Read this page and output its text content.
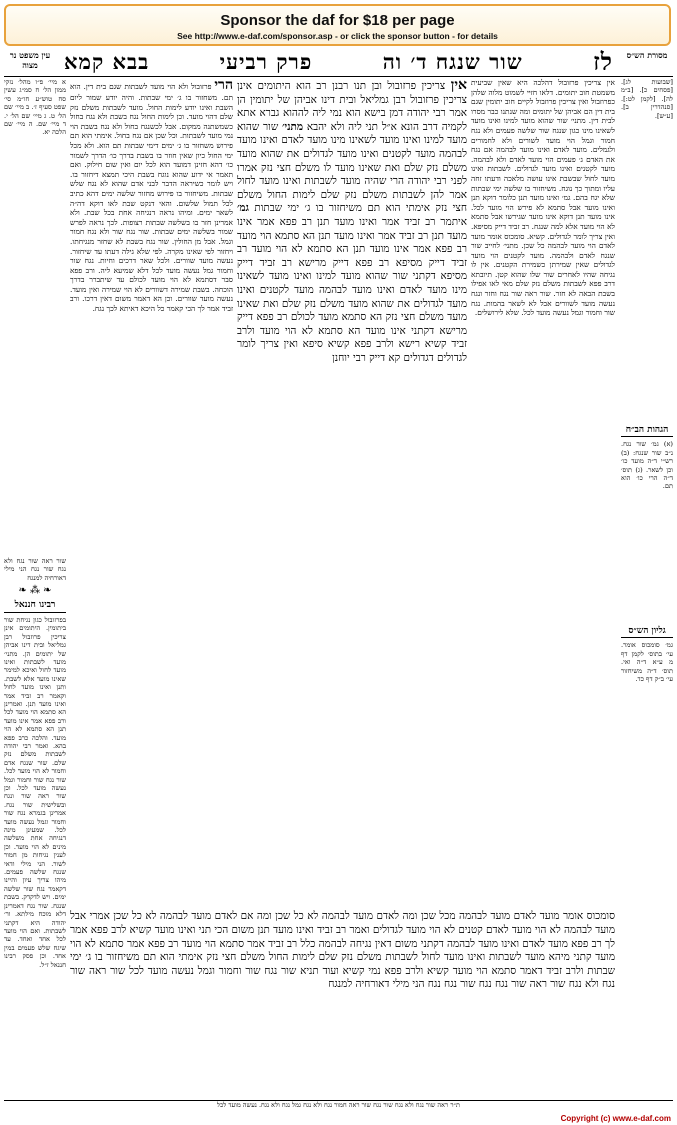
Sponsor the daf for $18 per page
See http://www.e-daf.com/sponsor.asp - or click the sponsor button - for details
מסורת הש״ס
לז
שור שנגח ד׳ וה
פרק רביעי
בבא קמא
עין משפט נר מצוה

[שבועות לג]. [פסחים כ]. [ב״מ לה]. [לקמן לט:]. [סנהדרין ב]. [ע״ש].

הגהות הב״ח

(א) גמ׳ שור נגח. נ״ב שור שנגח: (ב) רש״י ד״ה מועד כו׳ וכן לשאר. (ג) תוס׳ ד״ה הרי כו׳ הוא תם.

גליון הש״ס

גמ׳ סומכוס אומר. עי׳ בתוס׳ לקמן דף מ ע״א ד״ה ואי. תוס׳ ד״ה משיחזור עי׳ ב״ק דף כד.

אין צריכין פרזובול דהלכה היא שאין שביעית משמטת חוב יתומים. דלאו חזיי לשמוט מלוה שלהן כפרוזבול ואין צריכין פרוזבול לקיים חוב יתומין שגם בית דין הם אביהן של יתומים ומה שנתנו כבר מסרו לבית דין. מתני׳ שור שהוא מועד למינו ואינו מועד לשאינו מינו כגון שנגח שור שלשה פעמים ולא נגח חמור וגמל הוי מועד לשורים ולא לחמורים ולגמלים. מועד לאדם ואינו מועד לבהמה אם נגח את האדם ג׳ פעמים הוי מועד לאדם ולא לבהמה. מועד לקטנים ואינו מועד לגדולים. לשבתות ואינו מועד לחול שבשבת אינו עושה מלאכה ודעתו זחה עליו ומתוך כך נוגח. משיחזור בו שלשה ימי שבתות שלא יגח בהם. גמ׳ ואינו מועד תנן כלומר דוקא תנן ואינו מועד אבל סתמא לא פירש הוי מועד לכל. אינו מועד תנן דוקא אינו מועד שגירשו אבל סתמא לא הוי מועד אלא למה שנגח. רב זביד דייק מסיפא. ואין צריך לומר לגדולים. קשיא. סומכוס אומר מועד לאדם הוי מועד לבהמה כל שכן. מתני׳ לחייב שור שנגח לאדם ולבהמה. מועד לקטנים הוי מועד לגדולים שאין שמירתן כשמירת הקטנים. אין לו נגיחה שהיו לאחרים שור שלו שהוא קטן. תיובתא דרב פפא לשבתות משלם נזק שלם מאי לאו אפילו בשבת הבאה לא חזר. שור ראה שור נגח וחזר ונגח נעשה מועד לשוורים אבל לא לשאר בהמות. נגח שור וחמור וגמל נעשה מועד לכל. שלא לירושלים.

אין צריכין פרזובול ובן תנו רבנן רב הוא היתומים אינן צריכין פרזובול רבן גמליאל ובית דינו אביהן של יתומין הן אמר רבי יהודה דמן בישא הוא נמי ליה לההוא גברא אתא לקמיה דרב הונא א״ל תני ליה ולא יהבא מתני׳ שור שהוא מועד למינו ואינו מועד לשאינו מינו מועד לאדם ואינו מועד לבהמה מועד לקטנים ואינו מועד לגדולים את שהוא מועד משלם נזק שלם ואת שאינו מועד לו משלם חצי נזק אמרו לפני רבי יהודה הרי שהיה מועד לשבתות ואינו מועד לחול אמר להן לשבתות משלם נזק שלם לימות החול משלם חצי נזק אימתי הוא תם משיחזור בו ג׳ ימי שבתות גמ׳ איתמר רב זביד אמר ואינו מועד תנן רב פפא אמר אינו מועד תנן רב זביד אמר ואינו מועד תנן הא סתמא הוי מועד רב פפא אמר אינו מועד תנן הא סתמא לא הוי מועד רב זביד דייק מסיפא רב פפא דייק מרישא רב זביד דייק מסיפא דקתני שור שהוא מועד למינו ואינו מועד לשאינו מינו מועד לאדם ואינו מועד לבהמה מועד לקטנים ואינו מועד לגדולים את שהוא מועד משלם נזק שלם ואת שאינו מועד משלם חצי נזק הא סתמא מועד לכולם רב פפא דייק מרישא דקתני אינו מועד הא סתמא לא הוי מועד ולרב זביד קשיא רישא ולרב פפא קשיא סיפא ואין צריך לומר לגדולים דגדולים קא דייק רבי יוחנן

סומכוס אומר מועד לאדם מועד לבהמה מכל שכן ומה לאדם מועד לבהמה לא כל שכן ומה אם לאדם מועד לבהמה לא כל שכן אמרי אבל מועד לבהמה לא הוי מועד לאדם קטנים לא הוי מועד לגדולים ואמר רב זביד ואינו מועד תנן משום הכי תני ואינו מועד קשיא לרב פפא אמר לך רב פפא מועד לאדם ואינו מועד לבהמה דקתני משום דאין נגיחה לבהמה כלל רב זביד אמר סתמא הוי מועד רב פפא אמר סתמא לא הוי מועד קתני מיהא מועד לשבתות ואינו מועד לחול לשבתות משלם נזק שלם לימות החול משלם חצי נזק אימתי הוא תם משיחזור בו ג׳ ימי שבתות ולרב זביד דאמר סתמא הוי מועד קשיא ולרב פפא נמי קשיא ועוד תניא שור נגח שור וחמור וגמל נעשה מועד לכל שור ראה שור נגח ולא נגח שור ראה שור נגח נגח שור נגח נגח הני מילי דאורחיה למנגח

הרי פרזובול ולא הוי מועד לשבתות שגם בית דין. הוא תם. משחזור בו ג׳ ימי שבתות. והיה יודע שמור ליום השבת ואינו יודע לימות החול. מועד לשבתות משלם נזק שלם דהוי מועד. וכן לימות החול נגח בשבת ולא נגח בחול כשמשתנה ממקום. אבל לכשנגח בחול ולא נגח בשבת הוי נמי מועד לשבתות. וכל שכן אם נגח בחול. אימתי הוא תם פירוש משחזור בו ג׳ ימים דימי שבתות תם הוא. ולא מכל ימי החול כיון שאין חוזר בו בשבת בדרך כו׳ הדרך לשמור כו׳ דהא חזינן דמועד הוא לכל יום ואין שום חילוק. ואם תאמר אי ידוע שהוא נוגח בשבת היכי תמצא דיחזור בו. ויש לומר כשיראה הדבר לבני אדם שהוא לא נגח שלש שבתות. משיחזור בו פירוש מחזור שלשה ימים דהא כתיב לכל תמול שלשום. והאי דנקט שבת לאו דוקא דה״ה לשאר ימים. ומיהו נראה דנגיחה אחת בכל שבת. ולא אמרינן חזר בו בשלשה שבתות רצופות. לכך נראה לפרש שמור בשלשה ימים שבתות. שור נגח שור ולא נגח חמור וגמל. אבל מן החולין. שור נגח בשבת לא שחזר מנגיחתו. ויחזור לפי שאינו מקרה. לפי שלא גילה דעתו עד שיחזור. נעשה מועד שוורים. ולכל שאר דרכים וחיות. נגח שור וחמור גמל נעשה מועד לכל דלא שמיעא ליה. ורב פפא סבר דסתמא לא הוי מועד לכולם עד שיתברר בדרך הוכחה. בשבת שמירה דשוורים לא הוי שמירה ואין מועד. נעשה מועד שוורים. וכן הא דאמר משום דאין דרכו. ורב זביד אמר לך הכי קאמר כל היכא דאיתא לכך נגח.

א מיי׳ פ״ו מהל׳ נזקי ממון הל׳ ח סמ״ג עשין סח טוש״ע חו״מ סי׳ שפט סעיף ז׳. ב מיי׳ שם הל׳ ט. ג מיי׳ שם הל׳ י. ד מיי׳ שם. ה מיי׳ שם הלכה יא.

שור ראה שור נגח ולא נגח שור נגח הני מילי דאורחיה למנגח

❧ ⁂ ❧
רבינו חננאל

בפרזובול כגון נגיחת שור ביתומין. היתומים אינן צריכין פרוזבול רבן גמליאל ובית דינו אביהן של יתומים הן. מתני׳ מועד לשבתות ואינו מועד לחול ואיכא למימר שאינו מועד אלא לשבת. ותנן ואינו מועד לחול וקאמר רב זביד אמר ואינו מועד תנן. ואמרינן הא סתמא הוי מועד לכל ורב פפא אמר אינו מועד תנן הא סתמא לא הוי מועד. והלכה כרב פפא בהא. ואמר רבי יהודה לשבתות משלם נזק שלם. שור שנגח אדם וחמור לא הוי מועד לכל. שור נגח שור וחמור וגמל נעשה מועד לכל. וכן שור ראה שור ונגח ובשלישית שור נגח. אמרינן בגמרא נגח שור וחמור וגמל נעשה מועד לכל. שמעינן מינה דנגיחה אחת משלשה מינים לא הוי מועד. וכן לענין נגיחות מן חמור לשור. הני מילי ודאי שנגח שלשה פעמים. מיהו צריך עיון והיינו דקאמר נגח שור שלשה ימים. ויש לדקדק. בשבת שנגח. שור נגח דאמרינן דלא מוכח מילתא. ור׳ יהודה היא דקתני לשבתות. ואם הוי מועד לכל אחד ואחד. עד שיגח שלש פעמים במין אחד. וכן פסק רבינו חננאל ז״ל.

ת״ר ראה שור נגח ולא נגח שור נגח שור ראה חמור נגח ולא נגח גמל נגח ולא נגח. נעשה מועד לכל
Copyright (c) www.e-daf.com
